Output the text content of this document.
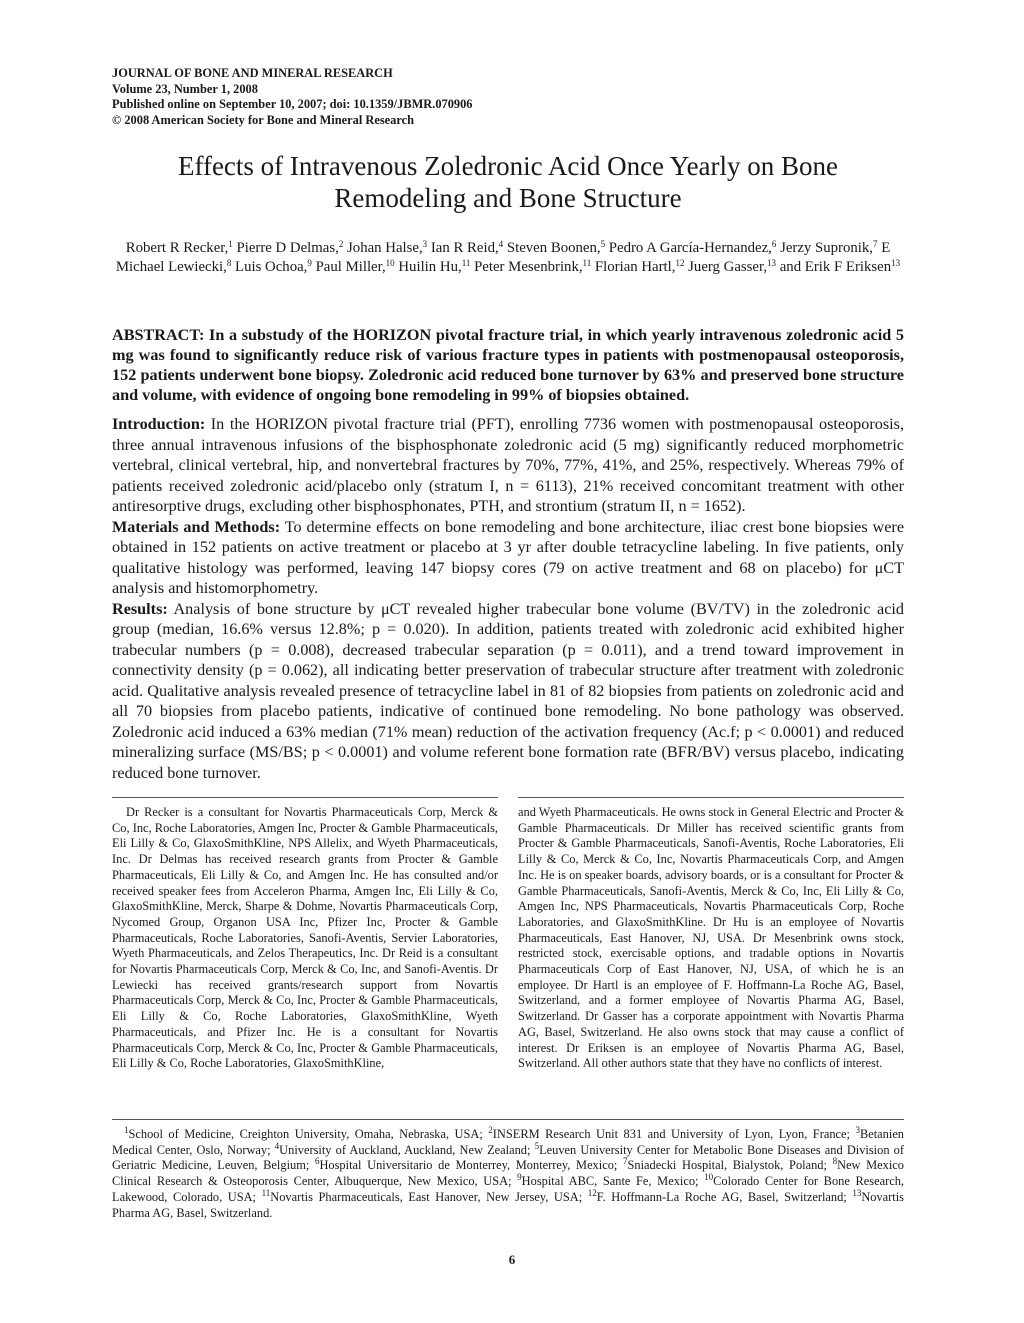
JOURNAL OF BONE AND MINERAL RESEARCH
Volume 23, Number 1, 2008
Published online on September 10, 2007; doi: 10.1359/JBMR.070906
© 2008 American Society for Bone and Mineral Research
Effects of Intravenous Zoledronic Acid Once Yearly on Bone Remodeling and Bone Structure
Robert R Recker,$^1$ Pierre D Delmas,$^2$ Johan Halse,$^3$ Ian R Reid,$^4$ Steven Boonen,$^5$ Pedro A García-Hernandez,$^6$ Jerzy Supronik,$^7$ E Michael Lewiecki,$^8$ Luis Ochoa,$^9$ Paul Miller,$^{10}$ Huilin Hu,$^{11}$ Peter Mesenbrink,$^{11}$ Florian Hartl,$^{12}$ Juerg Gasser,$^{13}$ and Erik F Eriksen$^{13}$
ABSTRACT: In a substudy of the HORIZON pivotal fracture trial, in which yearly intravenous zoledronic acid 5 mg was found to significantly reduce risk of various fracture types in patients with postmenopausal osteoporosis, 152 patients underwent bone biopsy. Zoledronic acid reduced bone turnover by 63% and preserved bone structure and volume, with evidence of ongoing bone remodeling in 99% of biopsies obtained.

Introduction: In the HORIZON pivotal fracture trial (PFT), enrolling 7736 women with postmenopausal osteoporosis, three annual intravenous infusions of the bisphosphonate zoledronic acid (5 mg) significantly reduced morphometric vertebral, clinical vertebral, hip, and nonvertebral fractures by 70%, 77%, 41%, and 25%, respectively. Whereas 79% of patients received zoledronic acid/placebo only (stratum I, n = 6113), 21% received concomitant treatment with other antiresorptive drugs, excluding other bisphosphonates, PTH, and strontium (stratum II, n = 1652).

Materials and Methods: To determine effects on bone remodeling and bone architecture, iliac crest bone biopsies were obtained in 152 patients on active treatment or placebo at 3 yr after double tetracycline labeling. In five patients, only qualitative histology was performed, leaving 147 biopsy cores (79 on active treatment and 68 on placebo) for μCT analysis and histomorphometry.

Results: Analysis of bone structure by μCT revealed higher trabecular bone volume (BV/TV) in the zoledronic acid group (median, 16.6% versus 12.8%; p = 0.020). In addition, patients treated with zoledronic acid exhibited higher trabecular numbers (p = 0.008), decreased trabecular separation (p = 0.011), and a trend toward improvement in connectivity density (p = 0.062), all indicating better preservation of trabecular structure after treatment with zoledronic acid. Qualitative analysis revealed presence of tetracycline label in 81 of 82 biopsies from patients on zoledronic acid and all 70 biopsies from placebo patients, indicative of continued bone remodeling. No bone pathology was observed. Zoledronic acid induced a 63% median (71% mean) reduction of the activation frequency (Ac.f; p < 0.0001) and reduced mineralizing surface (MS/BS; p < 0.0001) and volume referent bone formation rate (BFR/BV) versus placebo, indicating reduced bone turnover.

Dr Recker is a consultant for Novartis Pharmaceuticals Corp, Merck & Co, Inc, Roche Laboratories, Amgen Inc, Procter & Gamble Pharmaceuticals, Eli Lilly & Co, GlaxoSmithKline, NPS Allelix, and Wyeth Pharmaceuticals, Inc. Dr Delmas has received research grants from Procter & Gamble Pharmaceuticals, Eli Lilly & Co, and Amgen Inc. He has consulted and/or received speaker fees from Acceleron Pharma, Amgen Inc, Eli Lilly & Co, GlaxoSmithKline, Merck, Sharpe & Dohme, Novartis Pharmaceuticals Corp, Nycomed Group, Organon USA Inc, Pfizer Inc, Procter & Gamble Pharmaceuticals, Roche Laboratories, Sanofi-Aventis, Servier Laboratories, Wyeth Pharmaceuticals, and Zelos Therapeutics, Inc. Dr Reid is a consultant for Novartis Pharmaceuticals Corp, Merck & Co, Inc, and Sanofi-Aventis. Dr Lewiecki has received grants/research support from Novartis Pharmaceuticals Corp, Merck & Co, Inc, Procter & Gamble Pharmaceuticals, Eli Lilly & Co, Roche Laboratories, GlaxoSmithKline, Wyeth Pharmaceuticals, and Pfizer Inc. He is a consultant for Novartis Pharmaceuticals Corp, Merck & Co, Inc, Procter & Gamble Pharmaceuticals, Eli Lilly & Co, Roche Laboratories, GlaxoSmithKline,
and Wyeth Pharmaceuticals. He owns stock in General Electric and Procter & Gamble Pharmaceuticals. Dr Miller has received scientific grants from Procter & Gamble Pharmaceuticals, Sanofi-Aventis, Roche Laboratories, Eli Lilly & Co, Merck & Co, Inc, Novartis Pharmaceuticals Corp, and Amgen Inc. He is on speaker boards, advisory boards, or is a consultant for Procter & Gamble Pharmaceuticals, Sanofi-Aventis, Merck & Co, Inc, Eli Lilly & Co, Amgen Inc, NPS Pharmaceuticals, Novartis Pharmaceuticals Corp, Roche Laboratories, and GlaxoSmithKline. Dr Hu is an employee of Novartis Pharmaceuticals, East Hanover, NJ, USA. Dr Mesenbrink owns stock, restricted stock, exercisable options, and tradable options in Novartis Pharmaceuticals Corp of East Hanover, NJ, USA, of which he is an employee. Dr Hartl is an employee of F. Hoffmann-La Roche AG, Basel, Switzerland, and a former employee of Novartis Pharma AG, Basel, Switzerland. Dr Gasser has a corporate appointment with Novartis Pharma AG, Basel, Switzerland. He also owns stock that may cause a conflict of interest. Dr Eriksen is an employee of Novartis Pharma AG, Basel, Switzerland. All other authors state that they have no conflicts of interest.
$^1$School of Medicine, Creighton University, Omaha, Nebraska, USA; $^2$INSERM Research Unit 831 and University of Lyon, Lyon, France; $^3$Betanien Medical Center, Oslo, Norway; $^4$University of Auckland, Auckland, New Zealand; $^5$Leuven University Center for Metabolic Bone Diseases and Division of Geriatric Medicine, Leuven, Belgium; $^6$Hospital Universitario de Monterrey, Monterrey, Mexico; $^7$Sniadecki Hospital, Bialystok, Poland; $^8$New Mexico Clinical Research & Osteoporosis Center, Albuquerque, New Mexico, USA; $^9$Hospital ABC, Sante Fe, Mexico; $^{10}$Colorado Center for Bone Research, Lakewood, Colorado, USA; $^{11}$Novartis Pharmaceuticals, East Hanover, New Jersey, USA; $^{12}$F. Hoffmann-La Roche AG, Basel, Switzerland; $^{13}$Novartis Pharma AG, Basel, Switzerland.
6
